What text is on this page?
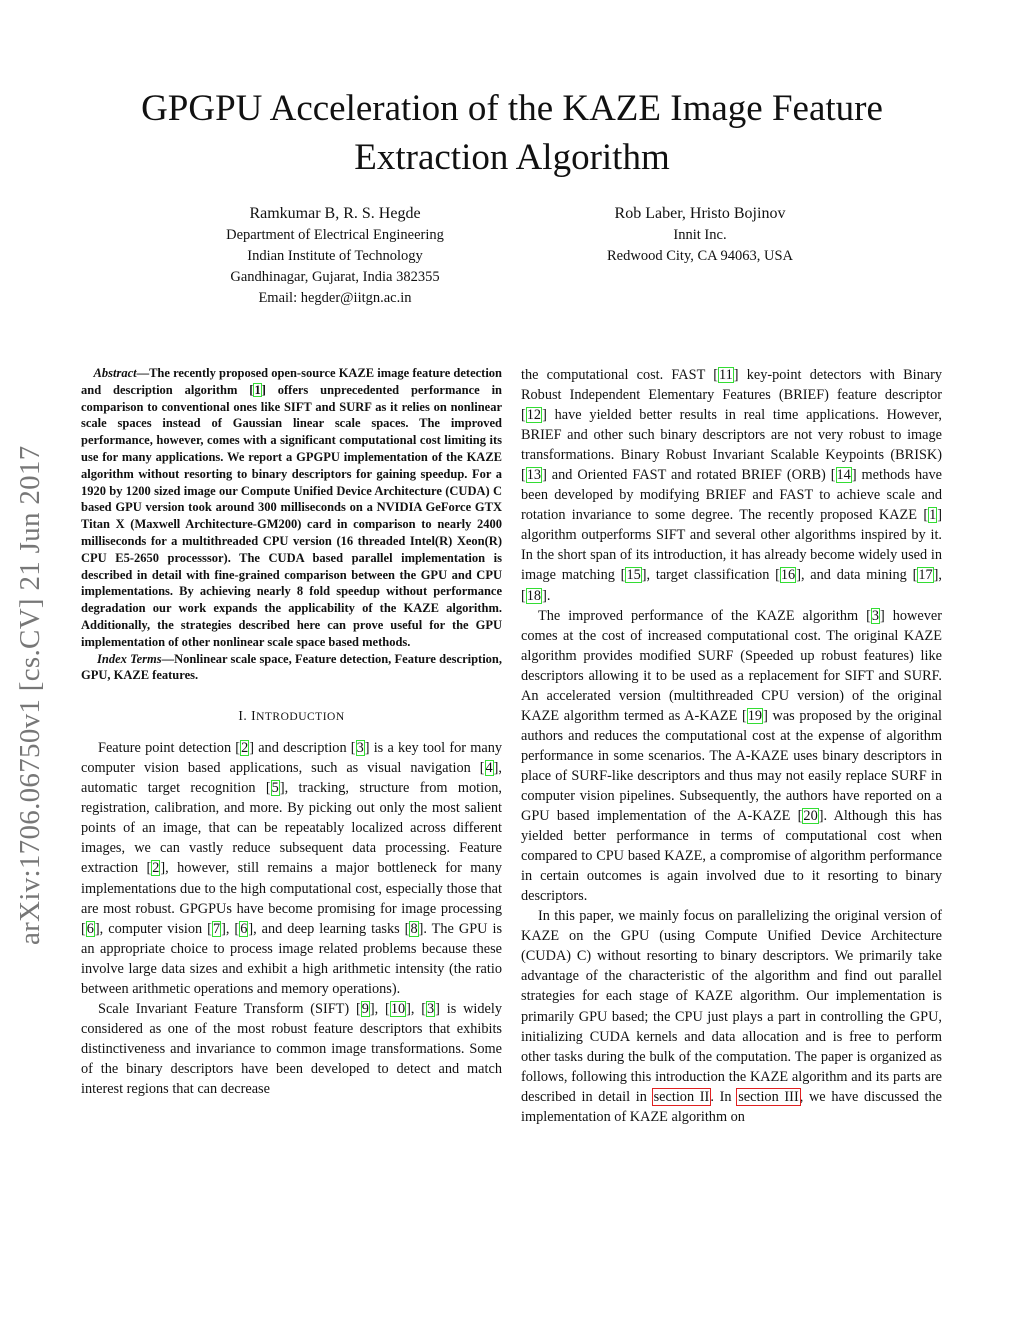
GPGPU Acceleration of the KAZE Image Feature Extraction Algorithm
Ramkumar B, R. S. Hegde
Department of Electrical Engineering
Indian Institute of Technology
Gandhinagar, Gujarat, India 382355
Email: hegder@iitgn.ac.in
Rob Laber, Hristo Bojinov
Innit Inc.
Redwood City, CA 94063, USA
arXiv:1706.06750v1 [cs.CV] 21 Jun 2017

Abstract—The recently proposed open-source KAZE image feature detection and description algorithm [1] offers unprecedented performance in comparison to conventional ones like SIFT and SURF as it relies on nonlinear scale spaces instead of Gaussian linear scale spaces. The improved performance, however, comes with a significant computational cost limiting its use for many applications. We report a GPGPU implementation of the KAZE algorithm without resorting to binary descriptors for gaining speedup. For a 1920 by 1200 sized image our Compute Unified Device Architecture (CUDA) C based GPU version took around 300 milliseconds on a NVIDIA GeForce GTX Titan X (Maxwell Architecture-GM200) card in comparison to nearly 2400 milliseconds for a multithreaded CPU version (16 threaded Intel(R) Xeon(R) CPU E5-2650 processsor). The CUDA based parallel implementation is described in detail with fine-grained comparison between the GPU and CPU implementations. By achieving nearly 8 fold speedup without performance degradation our work expands the applicability of the KAZE algorithm. Additionally, the strategies described here can prove useful for the GPU implementation of other nonlinear scale space based methods.

Index Terms—Nonlinear scale space, Feature detection, Feature description, GPU, KAZE features.

I. INTRODUCTION

Feature point detection [2] and description [3] is a key tool for many computer vision based applications, such as visual navigation [4], automatic target recognition [5], tracking, structure from motion, registration, calibration, and more. By picking out only the most salient points of an image, that can be repeatably localized across different images, we can vastly reduce subsequent data processing. Feature extraction [2], however, still remains a major bottleneck for many implementations due to the high computational cost, especially those that are most robust. GPGPUs have become promising for image processing [6], computer vision [7], [6], and deep learning tasks [8]. The GPU is an appropriate choice to process image related problems because these involve large data sizes and exhibit a high arithmetic intensity (the ratio between arithmetic operations and memory operations).

Scale Invariant Feature Transform (SIFT) [9], [10], [3] is widely considered as one of the most robust feature descriptors that exhibits distinctiveness and invariance to common image transformations. Some of the binary descriptors have been developed to detect and match interest regions that can decrease

the computational cost. FAST [11] key-point detectors with Binary Robust Independent Elementary Features (BRIEF) feature descriptor [12] have yielded better results in real time applications. However, BRIEF and other such binary descriptors are not very robust to image transformations. Binary Robust Invariant Scalable Keypoints (BRISK) [13] and Oriented FAST and rotated BRIEF (ORB) [14] methods have been developed by modifying BRIEF and FAST to achieve scale and rotation invariance to some degree. The recently proposed KAZE [1] algorithm outperforms SIFT and several other algorithms inspired by it. In the short span of its introduction, it has already become widely used in image matching [15], target classification [16], and data mining [17], [18].

The improved performance of the KAZE algorithm [3] however comes at the cost of increased computational cost. The original KAZE algorithm provides modified SURF (Speeded up robust features) like descriptors allowing it to be used as a replacement for SIFT and SURF. An accelerated version (multithreaded CPU version) of the original KAZE algorithm termed as A-KAZE [19] was proposed by the original authors and reduces the computational cost at the expense of algorithm performance in some scenarios. The A-KAZE uses binary descriptors in place of SURF-like descriptors and thus may not easily replace SURF in computer vision pipelines. Subsequently, the authors have reported on a GPU based implementation of the A-KAZE [20]. Although this has yielded better performance in terms of computational cost when compared to CPU based KAZE, a compromise of algorithm performance in certain outcomes is again involved due to it resorting to binary descriptors.

In this paper, we mainly focus on parallelizing the original version of KAZE on the GPU (using Compute Unified Device Architecture (CUDA) C) without resorting to binary descriptors. We primarily take advantage of the characteristic of the algorithm and find out parallel strategies for each stage of KAZE algorithm. Our implementation is primarily GPU based; the CPU just plays a part in controlling the GPU, initializing CUDA kernels and data allocation and is free to perform other tasks during the bulk of the computation. The paper is organized as follows, following this introduction the KAZE algorithm and its parts are described in detail in section II. In section III, we have discussed the implementation of KAZE algorithm on
